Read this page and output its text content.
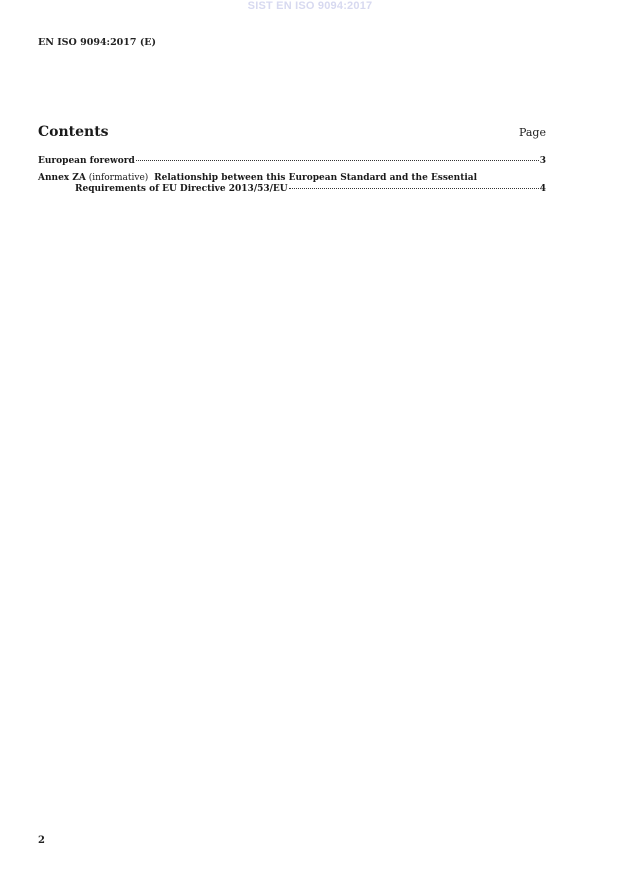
SIST EN ISO 9094:2017
EN ISO 9094:2017 (E)
Contents	Page
European foreword	3
Annex ZA (informative) Relationship between this European Standard and the Essential
Requirements of EU Directive 2013/53/EU	4
2
